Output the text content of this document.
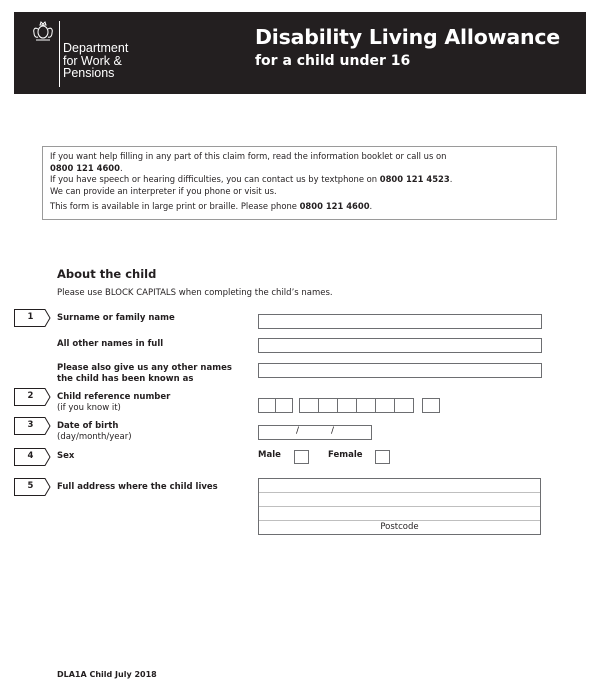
Department
for Work &
Pensions
Disability Living Allowance
for a child under 16

If you want help filling in any part of this claim form, read the information booklet or call us on
0800 121 4600.

If you have speech or hearing difficulties, you can contact us by textphone on 0800 121 4523.

We can provide an interpreter if you phone or visit us.

This form is available in large print or braille. Please phone 0800 121 4600.

About the child
Please use BLOCK CAPITALS when completing the child’s names.
1	Surname or family name
All other names in full
Please also give us any other names
the child has been known as
2	Child reference number
(if you know it)
3	Date of birth
(day/month/year)
/	/
4	Sex	Male	Female
5	Full address where the child lives
Postcode
DLA1A Child July 2018
